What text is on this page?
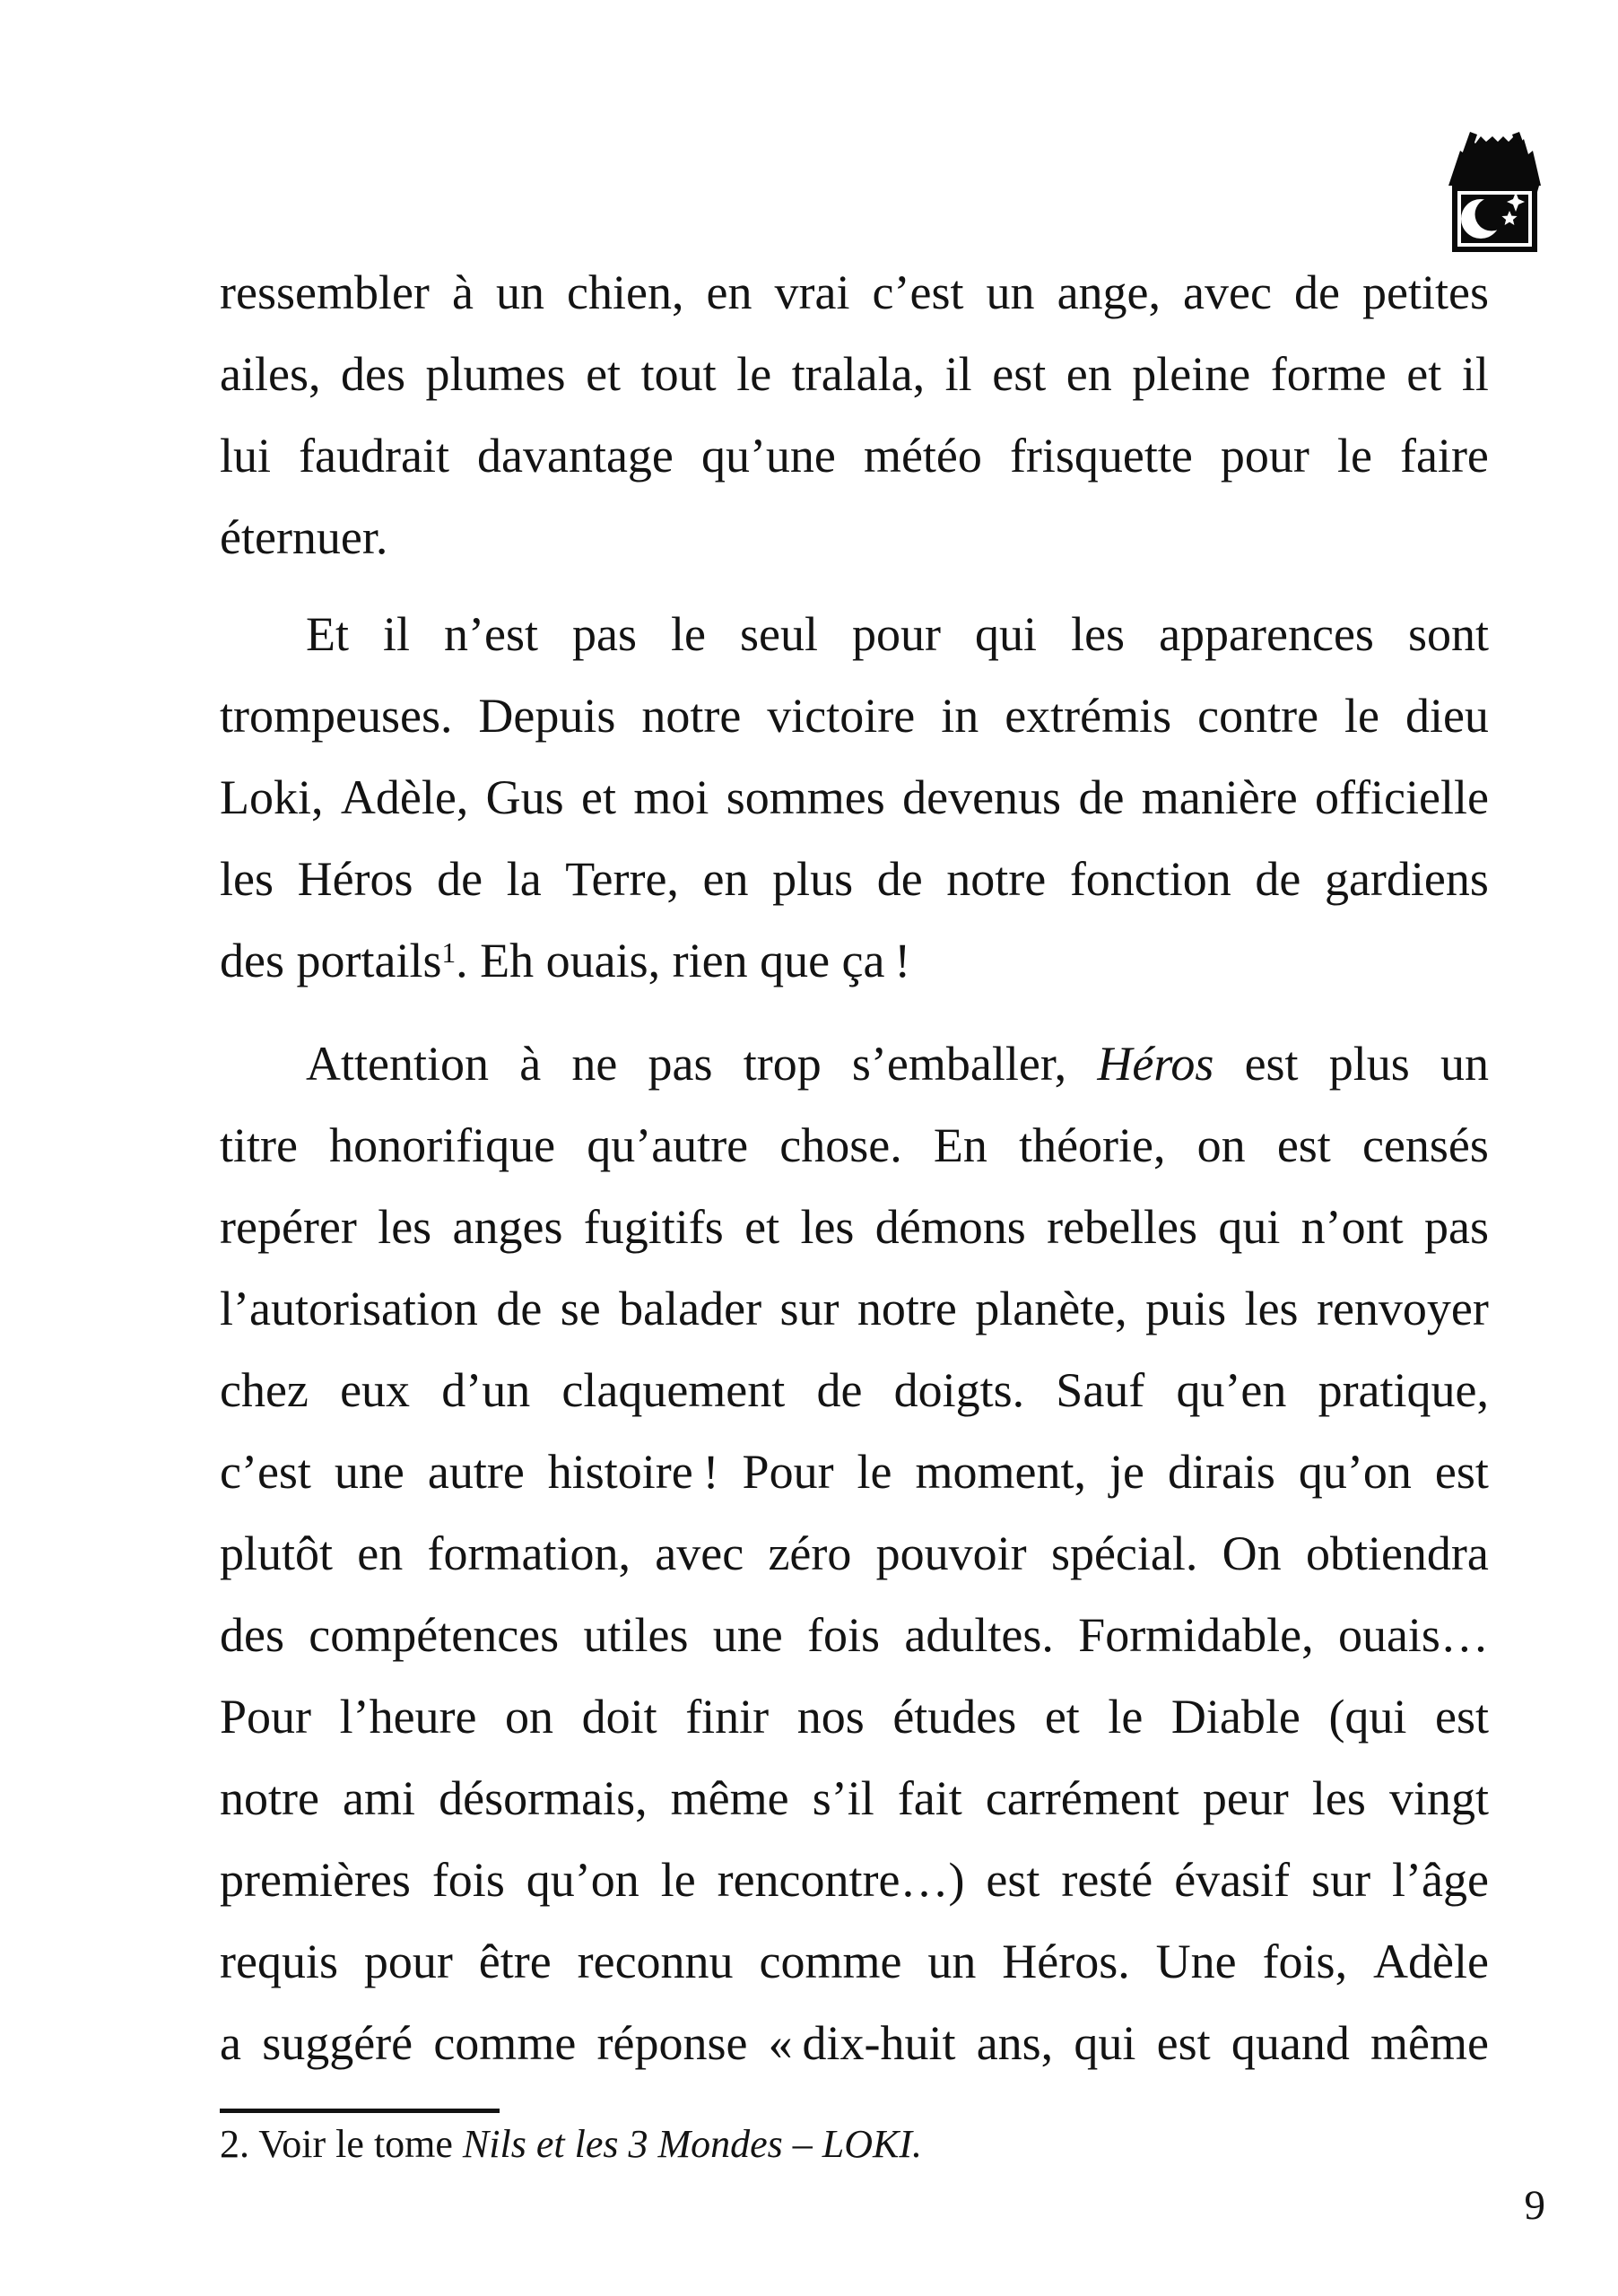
ressembler à un chien, en vrai c’est un ange, avec de petites
ailes, des plumes et tout le tralala, il est en pleine forme et il
lui faudrait davantage qu’une météo frisquette pour le faire
éternuer.
Et il n’est pas le seul pour qui les apparences sont
trompeuses. Depuis notre victoire in extrémis contre le dieu
Loki, Adèle, Gus et moi sommes devenus de manière officielle
les Héros de la Terre, en plus de notre fonction de gardiens
des portails$^1$. Eh ouais, rien que ça !
Attention à ne pas trop s’emballer, Héros est plus un
titre honorifique qu’autre chose. En théorie, on est censés
repérer les anges fugitifs et les démons rebelles qui n’ont pas
l’autorisation de se balader sur notre planète, puis les renvoyer
chez eux d’un claquement de doigts. Sauf qu’en pratique,
c’est une autre histoire ! Pour le moment, je dirais qu’on est
plutôt en formation, avec zéro pouvoir spécial. On obtiendra
des compétences utiles une fois adultes. Formidable, ouais…
Pour l’heure on doit finir nos études et le Diable (qui est
notre ami désormais, même s’il fait carrément peur les vingt
premières fois qu’on le rencontre…) est resté évasif sur l’âge
requis pour être reconnu comme un Héros. Une fois, Adèle
a suggéré comme réponse « dix-huit ans, qui est quand même
2. Voir le tome Nils et les 3 Mondes – LOKI.
9
